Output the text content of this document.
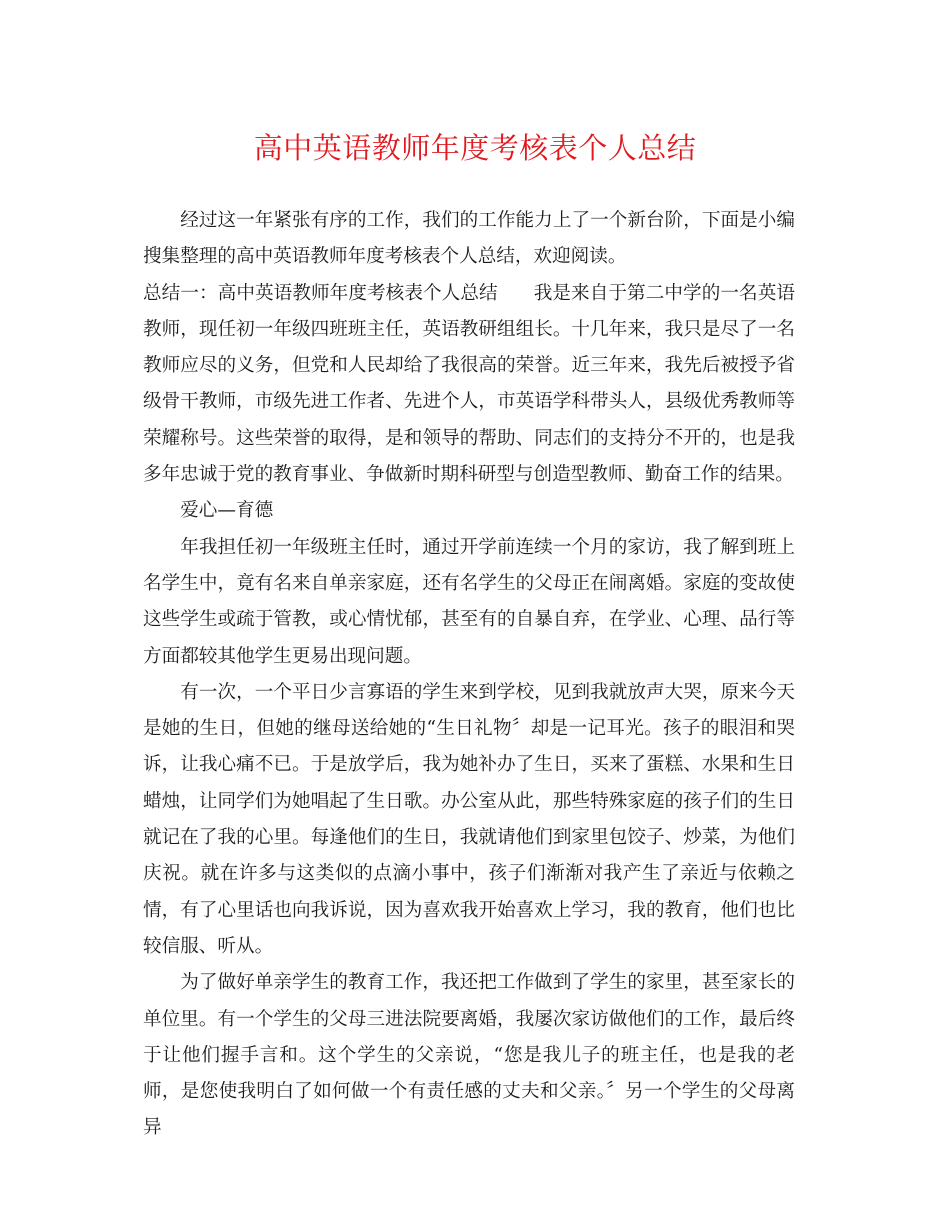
高中英语教师年度考核表个人总结

经过这一年紧张有序的工作，我们的工作能力上了一个新台阶，下面是小编搜集整理的高中英语教师年度考核表个人总结，欢迎阅读。

总结一：高中英语教师年度考核表个人总结 我是来自于第二中学的一名英语教师，现任初一年级四班班主任，英语教研组组长。十几年来，我只是尽了一名教师应尽的义务，但党和人民却给了我很高的荣誉。近三年来，我先后被授予省级骨干教师，市级先进工作者、先进个人，市英语学科带头人，县级优秀教师等荣耀称号。这些荣誉的取得，是和领导的帮助、同志们的支持分不开的，也是我多年忠诚于党的教育事业、争做新时期科研型与创造型教师、勤奋工作的结果。

爱心—育德

年我担任初一年级班主任时，通过开学前连续一个月的家访，我了解到班上名学生中，竟有名来自单亲家庭，还有名学生的父母正在闹离婚。家庭的变故使这些学生或疏于管教，或心情忧郁，甚至有的自暴自弃，在学业、心理、品行等方面都较其他学生更易出现问题。

有一次，一个平日少言寡语的学生来到学校，见到我就放声大哭，原来今天是她的生日，但她的继母送给她的“生日礼物〞却是一记耳光。孩子的眼泪和哭诉，让我心痛不已。于是放学后，我为她补办了生日，买来了蛋糕、水果和生日蜡烛，让同学们为她唱起了生日歌。办公室从此，那些特殊家庭的孩子们的生日就记在了我的心里。每逢他们的生日，我就请他们到家里包饺子、炒菜，为他们庆祝。就在许多与这类似的点滴小事中，孩子们渐渐对我产生了亲近与依赖之情，有了心里话也向我诉说，因为喜欢我开始喜欢上学习，我的教育，他们也比较信服、听从。

为了做好单亲学生的教育工作，我还把工作做到了学生的家里，甚至家长的单位里。有一个学生的父母三进法院要离婚，我屡次家访做他们的工作，最后终于让他们握手言和。这个学生的父亲说，“您是我儿子的班主任，也是我的老师，是您使我明白了如何做一个有责任感的丈夫和父亲。〞另一个学生的父母离异
